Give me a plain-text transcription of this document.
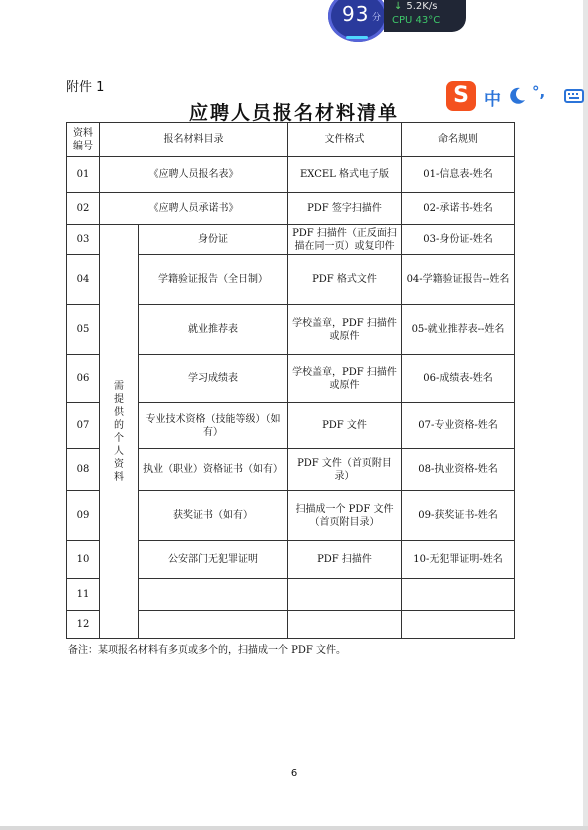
93 分
↓ 5.2K/s
CPU 43°C
S 中 °,
附件 1
应聘人员报名材料清单
资料编号	报名材料目录		文件格式	命名规则
01	《应聘人员报名表》		EXCEL 格式电子版	01-信息表-姓名
02	《应聘人员承诺书》		PDF 签字扫描件	02-承诺书-姓名
03	需提供的个人资料	身份证	PDF 扫描件（正反面扫描在同一页）或复印件	03-身份证-姓名
04		学籍验证报告（全日制）	PDF 格式文件	04-学籍验证报告--姓名
05		就业推荐表	学校盖章，PDF 扫描件或原件	05-就业推荐表--姓名
06		学习成绩表	学校盖章，PDF 扫描件或原件	06-成绩表-姓名
07		专业技术资格（技能等级）（如有）	PDF 文件	07-专业资格-姓名
08		执业（职业）资格证书（如有）	PDF 文件（首页附目录）	08-执业资格-姓名
09		获奖证书（如有）	扫描成一个 PDF 文件（首页附目录）	09-获奖证书-姓名
10		公安部门无犯罪证明	PDF 扫描件	10-无犯罪证明-姓名
11				
12				
备注：某项报名材料有多页或多个的，扫描成一个 PDF 文件。
6
